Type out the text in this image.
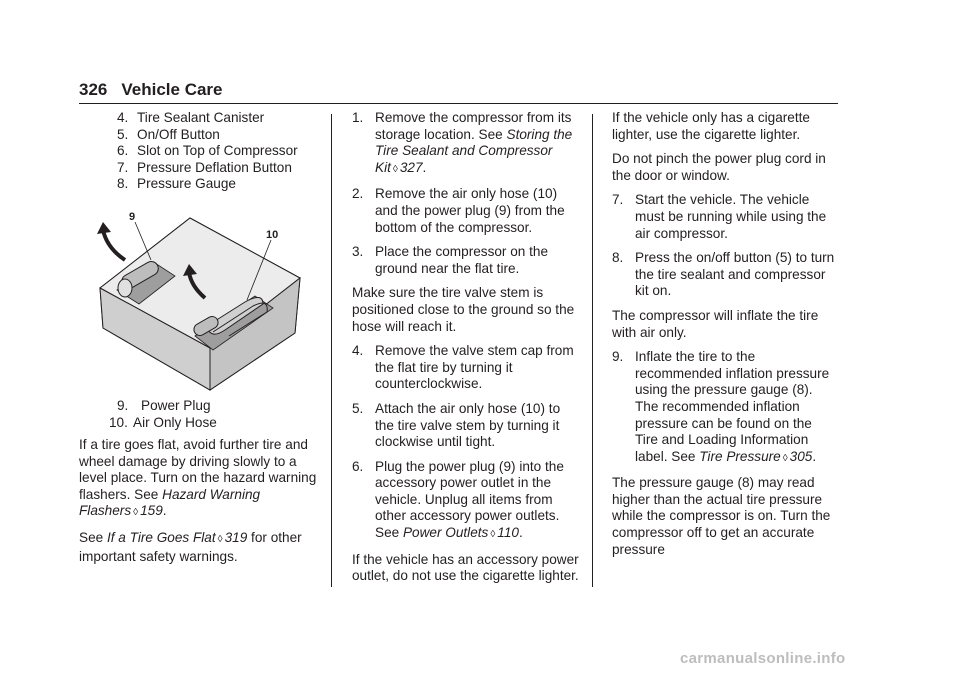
326 Vehicle Care
4. Tire Sealant Canister
5. On/Off Button
6. Slot on Top of Compressor
7. Pressure Deflation Button
8. Pressure Gauge
9
10
9. Power Plug
10. Air Only Hose

If a tire goes flat, avoid further tire and wheel damage by driving slowly to a level place. Turn on the hazard warning flashers. See Hazard Warning Flashers ◊ 159.

See If a Tire Goes Flat ◊ 319 for other important safety warnings.

1. Remove the compressor from its storage location. See Storing the Tire Sealant and Compressor Kit ◊ 327.
2. Remove the air only hose (10) and the power plug (9) from the bottom of the compressor.
3. Place the compressor on the ground near the flat tire.

Make sure the tire valve stem is positioned close to the ground so the hose will reach it.

4. Remove the valve stem cap from the flat tire by turning it counterclockwise.
5. Attach the air only hose (10) to the tire valve stem by turning it clockwise until tight.
6. Plug the power plug (9) into the accessory power outlet in the vehicle. Unplug all items from other accessory power outlets. See Power Outlets ◊ 110.

If the vehicle has an accessory power outlet, do not use the cigarette lighter.

If the vehicle only has a cigarette lighter, use the cigarette lighter.

Do not pinch the power plug cord in the door or window.

7. Start the vehicle. The vehicle must be running while using the air compressor.
8. Press the on/off button (5) to turn the tire sealant and compressor kit on.

The compressor will inflate the tire with air only.

9. Inflate the tire to the recommended inflation pressure using the pressure gauge (8). The recommended inflation pressure can be found on the Tire and Loading Information label. See Tire Pressure ◊ 305.

The pressure gauge (8) may read higher than the actual tire pressure while the compressor is on. Turn the compressor off to get an accurate pressure

carmanualsonline.info
